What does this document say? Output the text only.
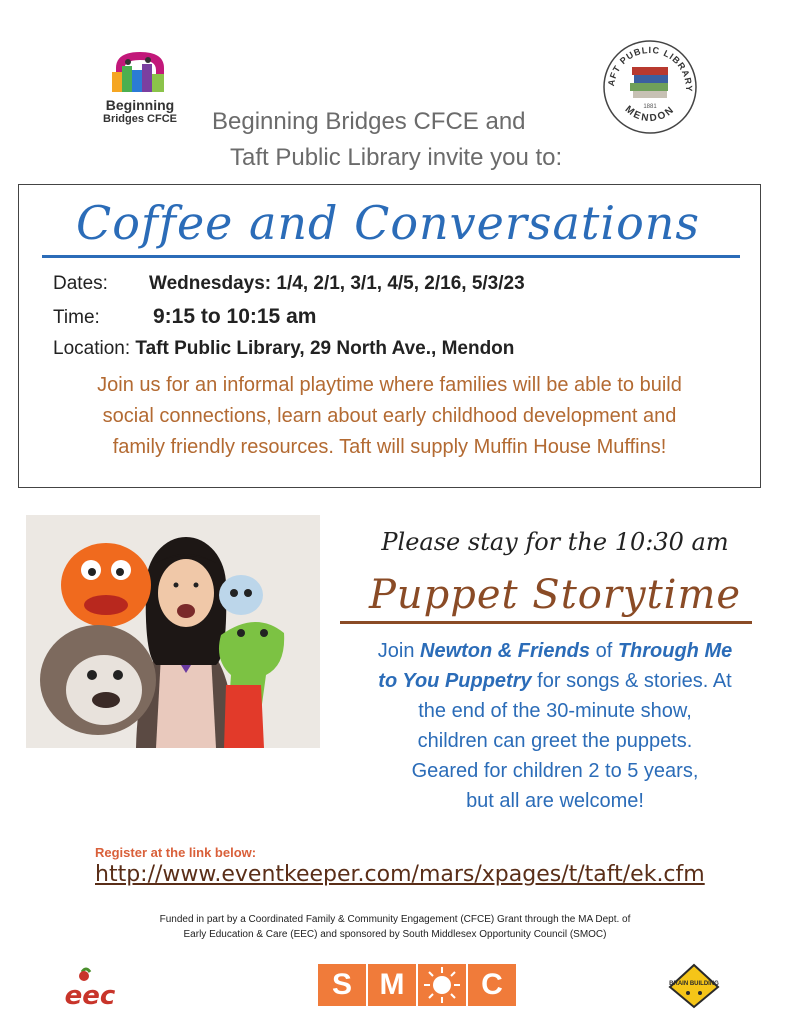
Beginning
Bridges CFCE	Beginning Bridges CFCE and
Taft Public Library invite you to:
AFT PUBLIC LIBRARY
MENDON
1881
Coffee and Conversations
Dates: Wednesdays: 1/4, 2/1, 3/1, 4/5, 2/16, 5/3/23
Time:	9:15 to 10:15 am
Location: Taft Public Library, 29 North Ave., Mendon
Join us for an informal playtime where families will be able to build
social connections, learn about early childhood development and
family friendly resources. Taft will supply Muffin House Muffins!
Please stay for the 10:30 am
Puppet Storytime
Join Newton & Friends of Through Me
to You Puppetry for songs & stories. At
the end of the 30-minute show,
children can greet the puppets.
Geared for children 2 to 5 years,
but all are welcome!
Register at the link below:
http://www.eventkeeper.com/mars/xpages/t/taft/ek.cfm
Funded in part by a Coordinated Family & Community Engagement (CFCE) Grant through the MA Dept. of
Early Education & Care (EEC) and sponsored by South Middlesex Opportunity Council (SMOC)
eec	S M	C	BRAIN BUILDING
